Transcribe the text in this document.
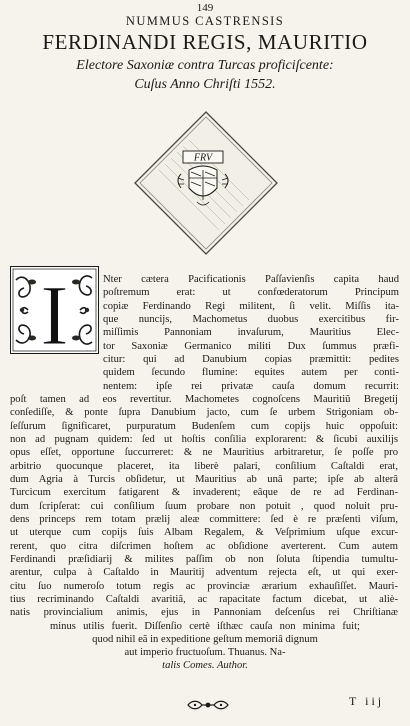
149
NUMMUS CASTRENSIS
FERDINANDI REGIS, MAURITIO
Electore Saxoniæ contra Turcas proficiſcente:
Cuſus Anno Chriſti 1552.
FRV
I	Nter cætera Pacificationis Paſſavienſis capita haud
poſtremum erat: ut confœderatorum Principum
copiæ Ferdinando Regi militent, ſi velit. Miſſis ita-
que nuncijs, Machometus duobus exercitibus fir-
miſſimis Pannoniam invaſurum, Mauritius Elec-
tor Saxoniæ Germanico militi Dux ſummus præfi-
citur: qui ad Danubium copias præmittit: pedites
quidem ſecundo flumine: equites autem per conti-
nentem: ipſe rei privatæ cauſa domum recurrit:
poſt tamen ad eos revertitur. Machometes cognoſcens Mauritiũ Bregetij
conſediſſe, & ponte ſupra Danubium jacto, cum ſe urbem Strigoniam ob-
ſeſſurum ſignificaret, purpuratum Budenſem cum copijs huic oppoſuit:
non ad pugnam quidem: ſed ut hoſtis conſilia explorarent: & ſicubi auxilijs
opus eſſet, opportune ſuccurreret: & ne Mauritius arbitraretur, ſe poſſe pro
arbitrio quocunque placeret, ita liberè palari, conſilium Caſtaldi erat,
dum Agria à Turcis obſidetur, ut Mauritius ab unâ parte; ipſe ab alterâ
Turcicum exercitum fatigarent & invaderent; eâque de re ad Ferdinan-
dum ſcripſerat: cui conſilium ſuum probare non potuit , quod noluit pru-
dens princeps rem totam prælij aleæ committere: ſed è re præſenti viſum,
ut uterque cum copijs ſuis Albam Regalem, & Veſprimium uſque excur-
rerent, quo citra diſcrimen hoſtem ac obſidione averterent. Cum autem
Ferdinandi præſidiarij & milites paſſim ob non ſoluta ſtipendia tumultu-
arentur, culpa à Caſtaldo in Mauritij adventum rejecta eſt, ut qui exer-
citu ſuo numeroſo totum regis ac provinciæ ærarium exhauſiſſet. Mauri-
tius recriminando Caſtaldi avaritiã, ac rapacitate factum dicebat, ut aliè-
natis provincialium animis, ejus in Pannoniam deſcenſus rei Chriſtianæ
minus utilis fuerit. Diſſenſio certè iſthæc cauſa non minima fuit;
quod nihil eã in expeditione geſtum memoriâ dignum
aut imperio fructuoſum. Thuanus. Na-
talis Comes. Author.
T iij
